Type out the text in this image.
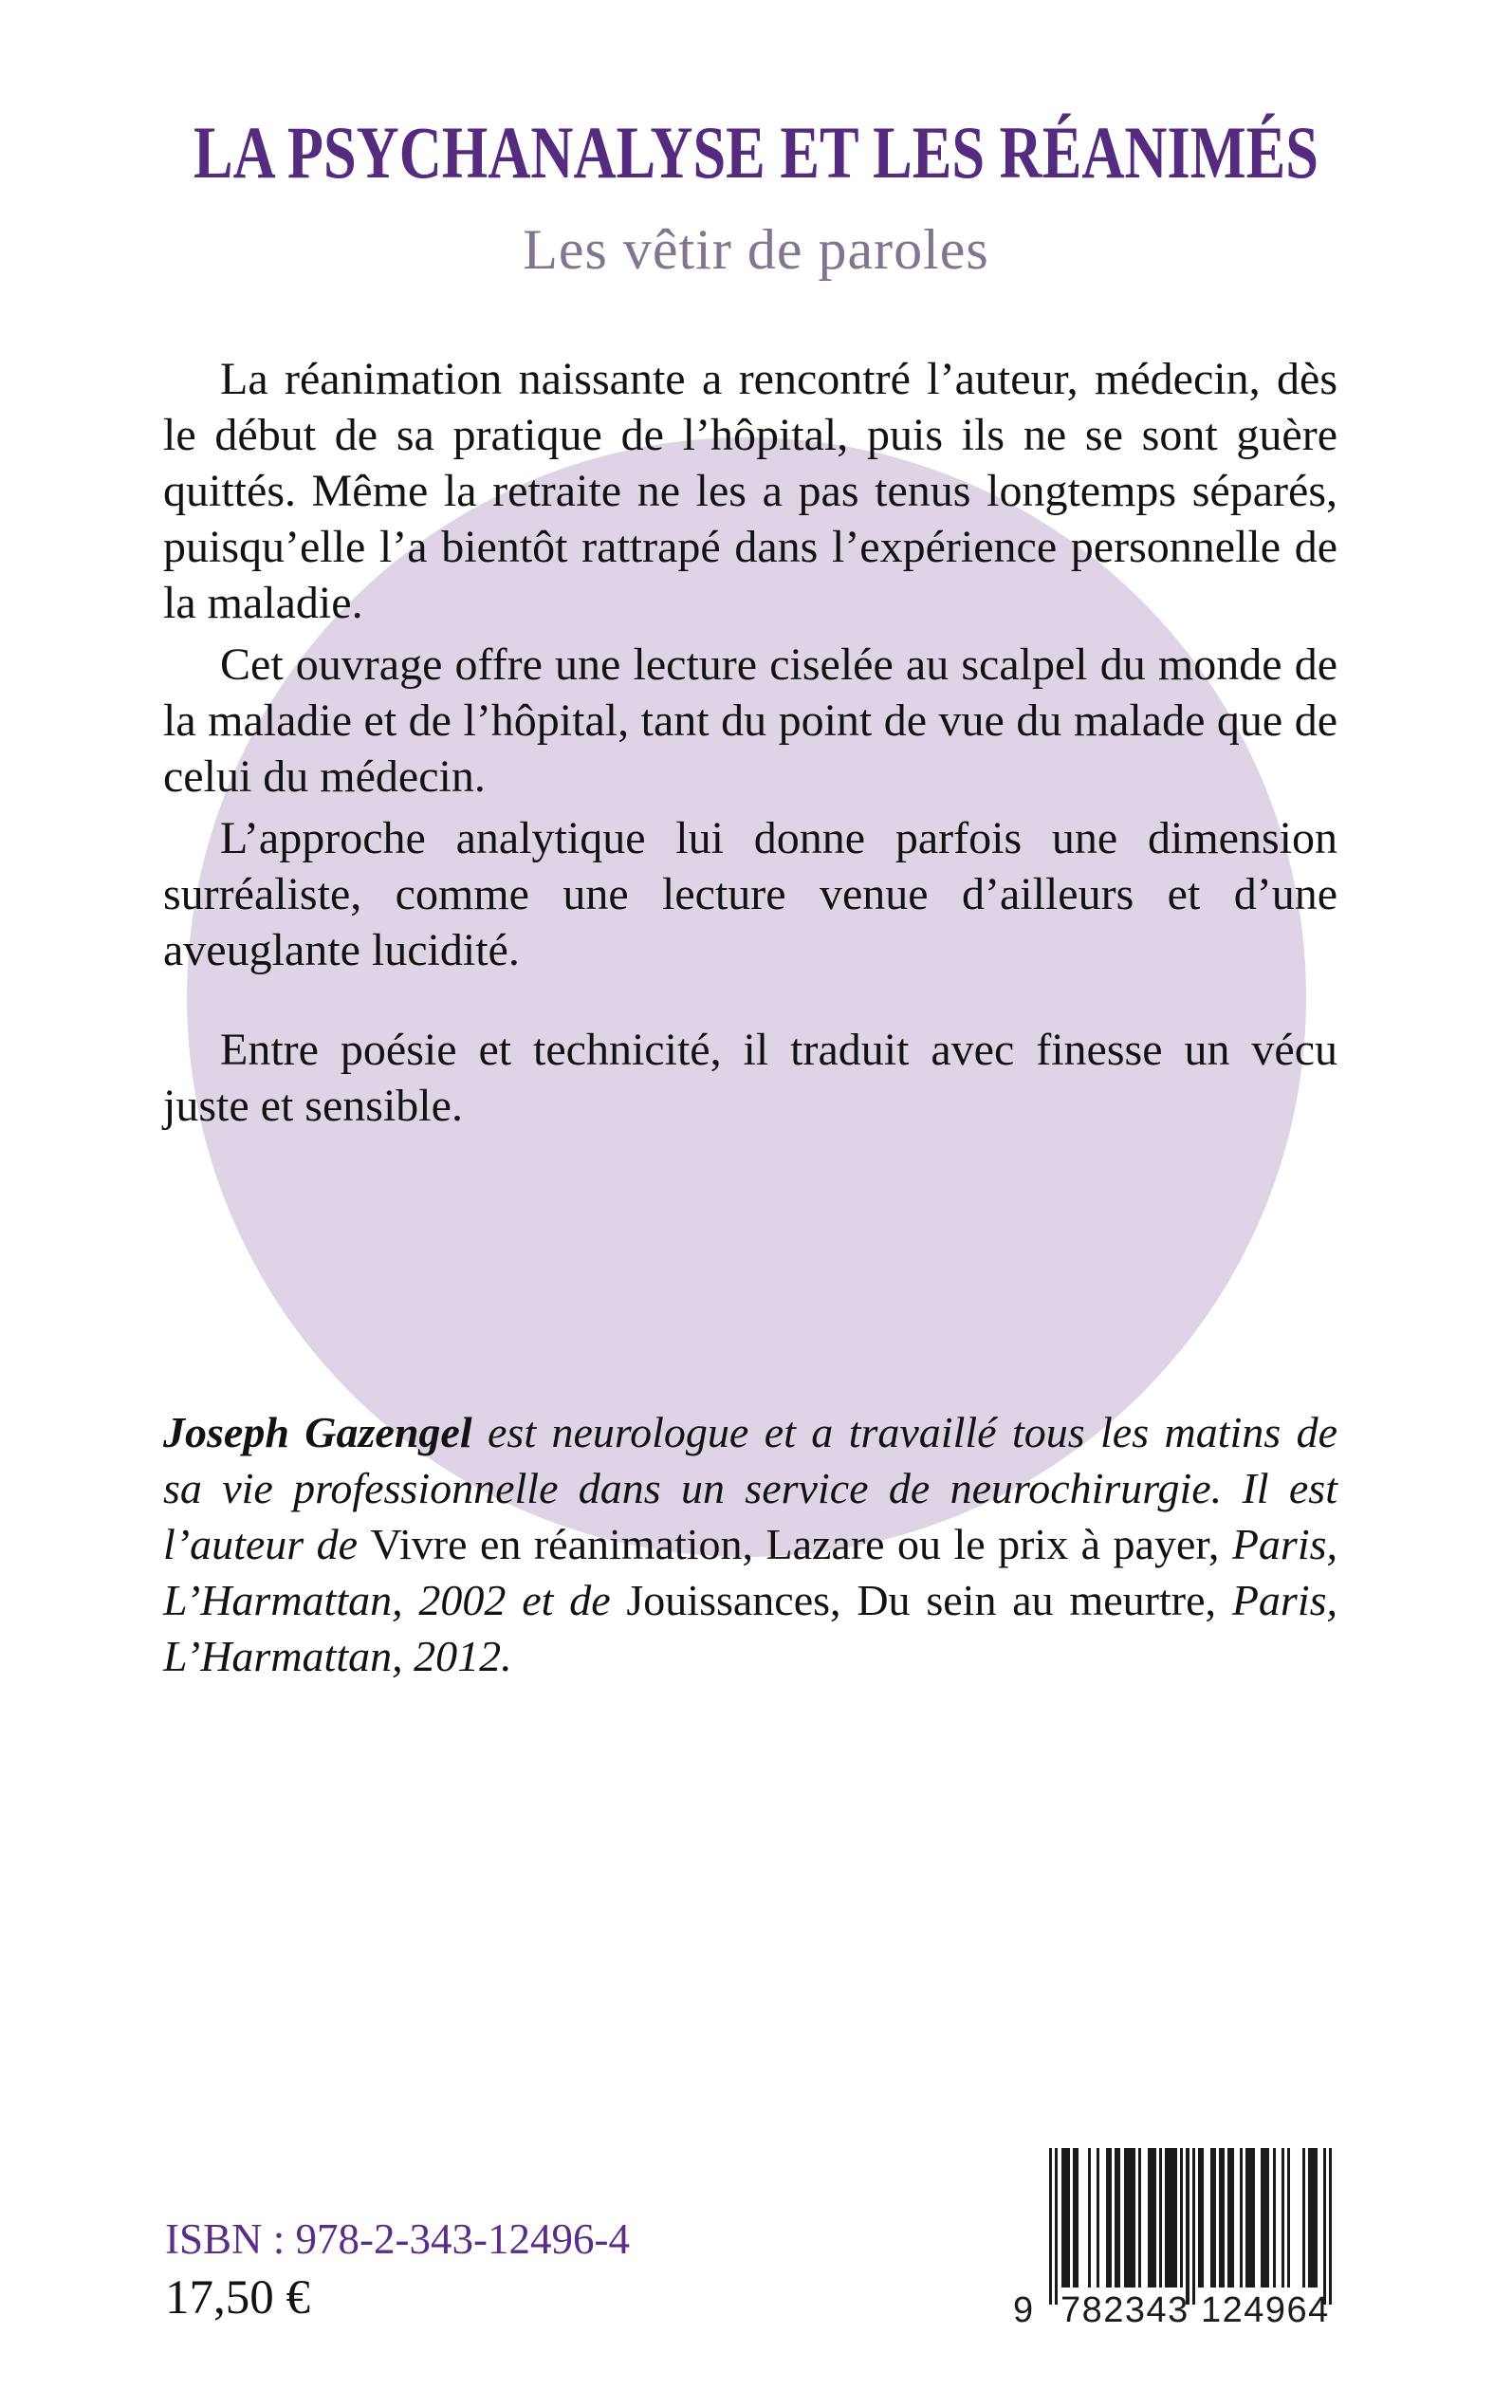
LA PSYCHANALYSE ET LES RÉANIMÉS
Les vêtir de paroles

La réanimation naissante a rencontré l’auteur, médecin, dès le début de sa pratique de l’hôpital, puis ils ne se sont guère quittés. Même la retraite ne les a pas tenus longtemps séparés, puisqu’elle l’a bientôt rattrapé dans l’expérience personnelle de la maladie.

Cet ouvrage offre une lecture ciselée au scalpel du monde de la maladie et de l’hôpital, tant du point de vue du malade que de celui du médecin.

L’approche analytique lui donne parfois une dimension surréaliste, comme une lecture venue d’ailleurs et d’une aveuglante lucidité.

Entre poésie et technicité, il traduit avec finesse un vécu juste et sensible.

Joseph Gazengel est neurologue et a travaillé tous les matins de sa vie professionnelle dans un service de neurochirurgie. Il est l’auteur de Vivre en réanimation, Lazare ou le prix à payer, Paris, L’Harmattan, 2002 et de Jouissances, Du sein au meurtre, Paris, L’Harmattan, 2012.
ISBN : 978-2-343-12496-4
17,50 €	9 782343 124964
